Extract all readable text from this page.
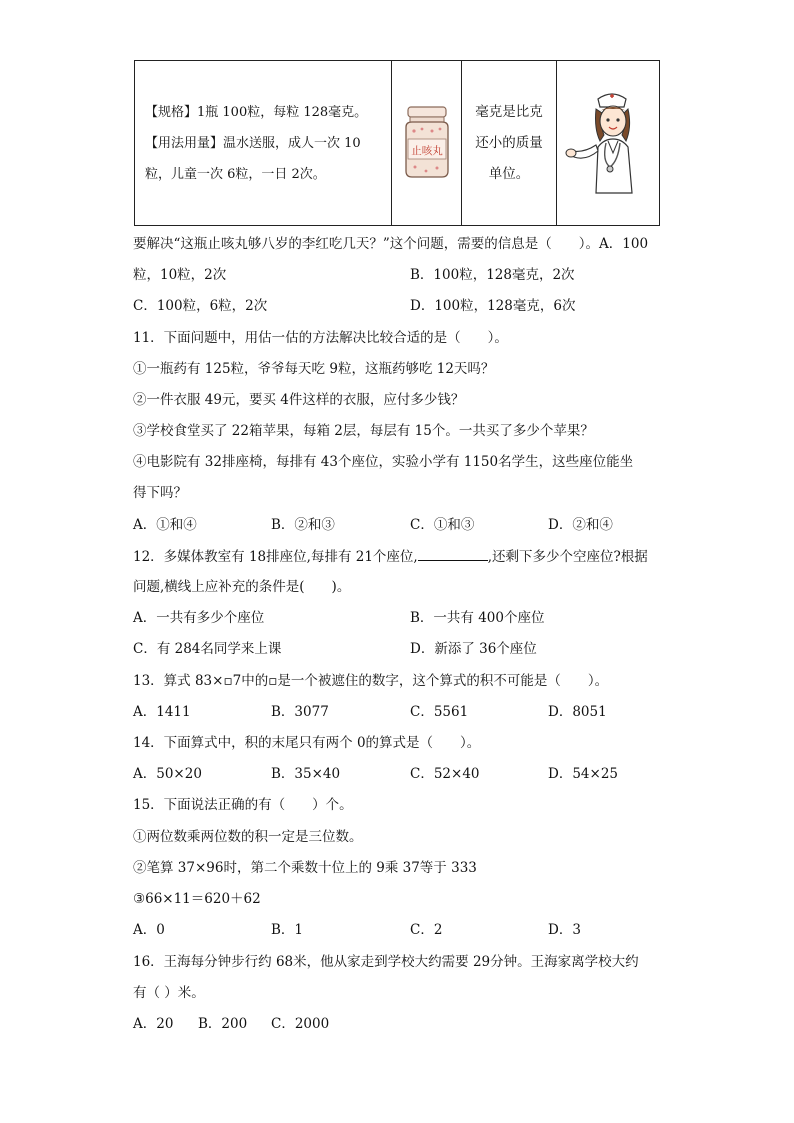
【规格】1瓶 100粒，每粒 128毫克。
【用法用量】温水送服，成人一次 10
粒，儿童一次 6粒，一日 2次。

止咳丸

毫克是比克
还小的质量
单位。

要解决“这瓶止咳丸够八岁的李红吃几天？”这个问题，需要的信息是（　　）。A．100
粒，10粒，2次	B．100粒，128毫克，2次
C．100粒，6粒，2次	D．100粒，128毫克，6次
11．下面问题中，用估一估的方法解决比较合适的是（　　）。
①一瓶药有 125粒，爷爷每天吃 9粒，这瓶药够吃 12天吗？
②一件衣服 49元，要买 4件这样的衣服，应付多少钱？
③学校食堂买了 22箱苹果，每箱 2层，每层有 15个。一共买了多少个苹果？
④电影院有 32排座椅，每排有 43个座位，实验小学有 1150名学生，这些座位能坐
得下吗？
A．①和④	B．②和③	C．①和③	D．②和④
12．多媒体教室有 18排座位,每排有 21个座位,	,还剩下多少个空座位?根据
问题,横线上应补充的条件是(　　)。
A．一共有多少个座位	B．一共有 400个座位
C．有 284名同学来上课	D．新添了 36个座位
13．算式 83×▫7中的▫是一个被遮住的数字，这个算式的积不可能是（　　）。
A．1411	B．3077	C．5561	D．8051
14．下面算式中，积的末尾只有两个 0的算式是（　　）。
A．50×20	B．35×40	C．52×40	D．54×25
15．下面说法正确的有（　　）个。
①两位数乘两位数的积一定是三位数。
②笔算 37×96时，第二个乘数十位上的 9乘 37等于 333
③66×11＝620＋62
A．0	B．1	C．2	D．3
16．王海每分钟步行约 68米，他从家走到学校大约需要 29分钟。王海家离学校大约
有（ ）米。
A．20 B．200 C．2000
